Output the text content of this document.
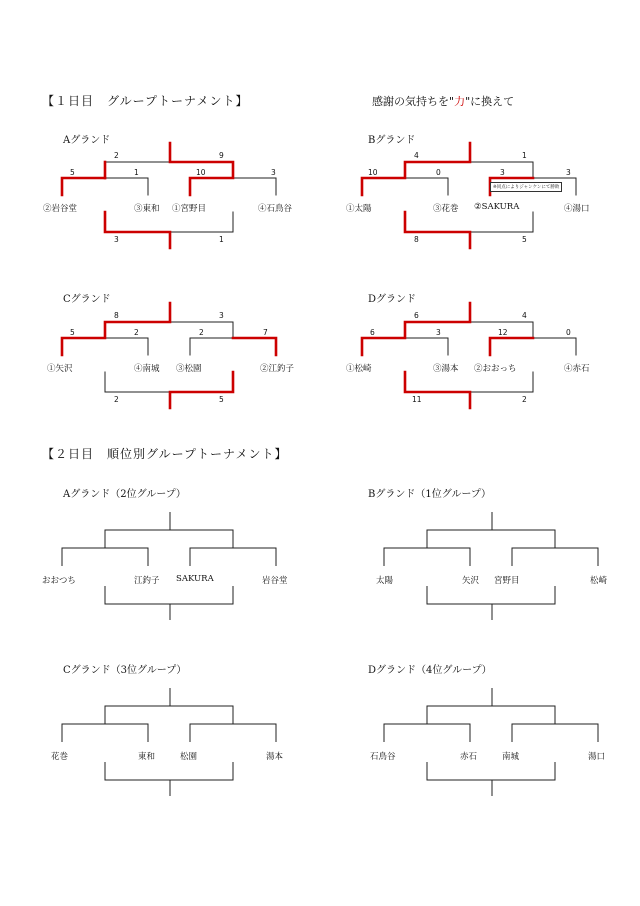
【１日目　グループトーナメント】	感謝の気持ちを"力"に換えて
【２日目　順位別グループトーナメント】
Aグランド	Bグランド
Cグランド	Dグランド
Aグランド（2位グループ）	Bグランド（1位グループ）
Cグランド（3位グループ）	Dグランド（4位グループ）
②岩谷堂	③東和 ①宮野目	④石鳥谷	①太陽	③花巻 ②SAKURA	④湯口
①矢沢	④南城 ③松園	②江釣子	①松崎	③湯本 ②おおっち	④赤石
5	1	10	3
2	9
3	1
10	0	3	3
4	1
8	5
※同点によりジャンケンにて勝敗
5	2	2	7
8	3
2	5
6	3	12	0
6	4
11	2
おおつち	江釣子 SAKURA	岩谷堂	太陽	矢沢 宮野目	松崎
花巻	東和	松園	湯本	石鳥谷	赤石	南城	湯口
